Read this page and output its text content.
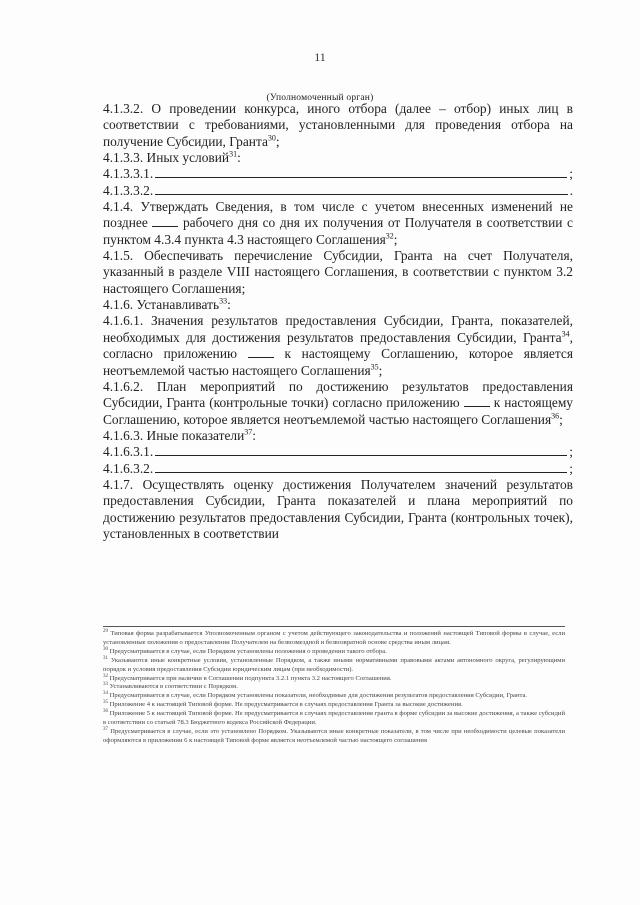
11
(Уполномоченный орган)

4.1.3.2. О проведении конкурса, иного отбора (далее – отбор) иных лиц в соответствии с требованиями, установленными для проведения отбора на получение Субсидии, Гранта$^{30}$;

4.1.3.3. Иных условий$^{31}$:

4.1.3.3.1.	;
4.1.3.3.2.	.

4.1.4. Утверждать Сведения, в том числе с учетом внесенных изменений не позднее	рабочего дня со дня их получения от Получателя в соответствии с пунктом 4.3.4 пункта 4.3 настоящего Соглашения$^{32}$;

4.1.5. Обеспечивать перечисление Субсидии, Гранта на счет Получателя, указанный в разделе VIII настоящего Соглашения, в соответствии с пунктом 3.2 настоящего Соглашения;

4.1.6. Устанавливать$^{33}$:

4.1.6.1. Значения результатов предоставления Субсидии, Гранта, показателей, необходимых для достижения результатов предоставления Субсидии, Гранта$^{34}$, согласно приложению	к настоящему Соглашению, которое является неотъемлемой частью настоящего Соглашения$^{35}$;

4.1.6.2. План мероприятий по достижению результатов предоставления Субсидии, Гранта (контрольные точки) согласно приложению	к настоящему Соглашению, которое является неотъемлемой частью настоящего Соглашения$^{36}$;

4.1.6.3. Иные показатели$^{37}$:

4.1.6.3.1.	;
4.1.6.3.2.	;

4.1.7. Осуществлять оценку достижения Получателем значений результатов предоставления Субсидии, Гранта показателей и плана мероприятий по достижению результатов предоставления Субсидии, Гранта (контрольных точек), установленных в соответствии

$^{29}$ Типовая форма разрабатывается Уполномоченным органом с учетом действующего законодательства и положений настоящей Типовой формы в случае, если установленные положения о предоставлении Получателем на безвозмездной и безвозвратной основе средства иным лицам.

$^{30}$ Предусматривается в случае, если Порядком установлены положения о проведении такого отбора.

$^{31}$ Указываются иные конкретные условия, установленные Порядком, а также иными нормативными правовыми актами автономного округа, регулирующими порядок и условия предоставления Субсидии юридическим лицам (при необходимости).

$^{32}$ Предусматривается при наличии в Соглашении подпункта 3.2.1 пункта 3.2 настоящего Соглашения.

$^{33}$ Устанавливаются в соответствии с Порядком.

$^{34}$ Предусматривается в случае, если Порядком установлены показатели, необходимые для достижения результатов предоставления Субсидии, Гранта.

$^{35}$ Приложение 4 к настоящей Типовой форме. Не предусматривается в случаях предоставления Гранта за высокие достижения.

$^{36}$ Приложение 5 к настоящей Типовой форме. Не предусматривается в случаях предоставления гранта в форме субсидии за высокие достижения, а также субсидий в соответствии со статьей 78.3 Бюджетного кодекса Российской Федерации.

$^{37}$ Предусматривается в случае, если это установлено Порядком. Указываются иные конкретные показатели, в том числе при необходимости целевые показатели оформляются в приложении 6 к настоящей Типовой форме является неотъемлемой частью настоящего соглашения
